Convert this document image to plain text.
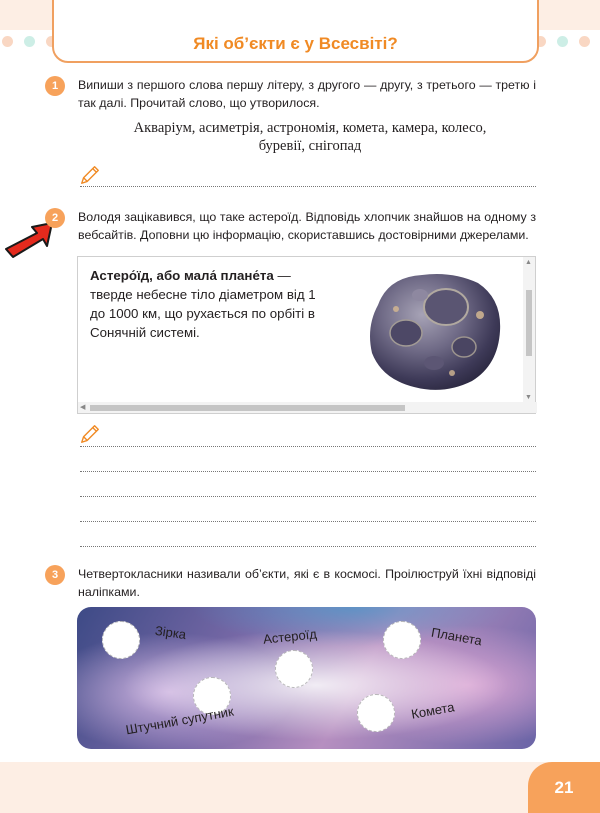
Які об’єкти є у Всесвіті?
1	Випиши з першого слова першу літеру, з другого — другу, з третього — третю і так далі. Прочитай слово, що утворилося.
Акваріум, асиметрія, астрономія, комета, камера, колесо,
буревії, снігопад
2	Володя зацікавився, що таке астероїд. Відповідь хлопчик знайшов на одному з вебсайтів. Доповни цю інформацію, скориставшись достовірними джерелами.
Астеро́їд, або мала́ плане́та — тверде небесне тіло діаметром від 1 до 1000 км, що рухається по орбіті в Сонячній системі.
▲
▼
◀
3	Четвертокласники називали об’єкти, які є в космосі. Проілюструй їхні відповіді наліпками.
Зірка	Астероїд	Планета
Штучний супутник	Комета
21
